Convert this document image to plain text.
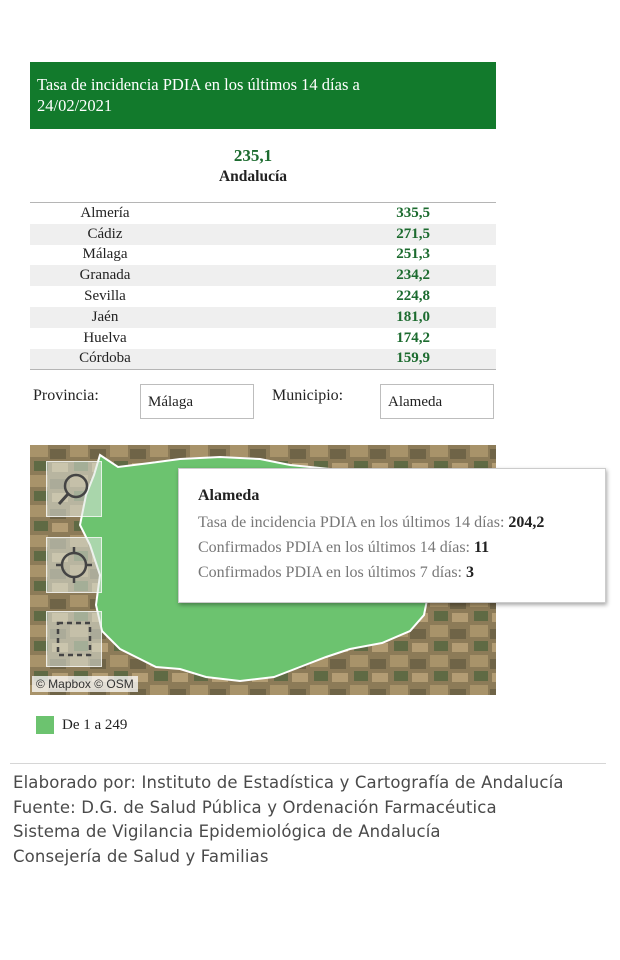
Tasa de incidencia PDIA en los últimos 14 días a
24/02/2021
235,1
Andalucía
Almería	335,5
Cádiz	271,5
Málaga	251,3
Granada	234,2
Sevilla	224,8
Jaén	181,0
Huelva	174,2
Córdoba	159,9
Provincia:	Málaga	Municipio:	Alameda
© Mapbox © OSM
Alameda
Tasa de incidencia PDIA en los últimos 14 días: 204,2
Confirmados PDIA en los últimos 14 días: 11
Confirmados PDIA en los últimos 7 días: 3
De 1 a 249
Elaborado por: Instituto de Estadística y Cartografía de Andalucía
Fuente: D.G. de Salud Pública y Ordenación Farmacéutica
Sistema de Vigilancia Epidemiológica de Andalucía
Consejería de Salud y Familias
